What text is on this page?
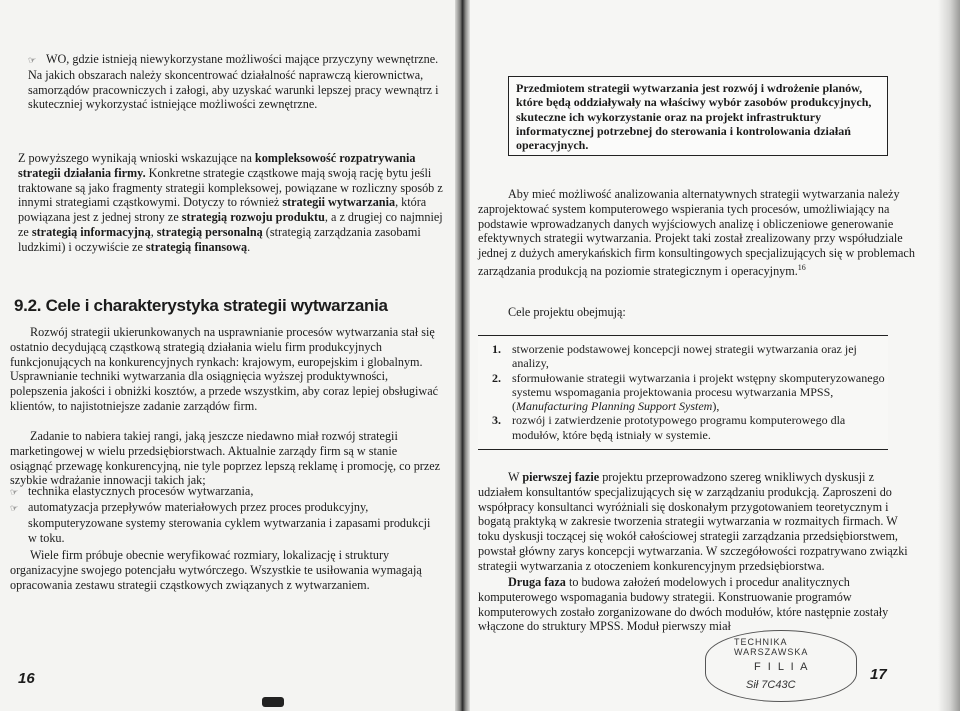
☞ WO, gdzie istnieją niewykorzystane możliwości mające przyczyny wewnętrzne. Na jakich obszarach należy skoncentrować działalność naprawczą kierownictwa, samorządów pracowniczych i załogi, aby uzyskać warunki lepszej pracy wewnątrz i skuteczniej wykorzystać istniejące możliwości zewnętrzne.

Z powyższego wynikają wnioski wskazujące na kompleksowość rozpatrywania strategii działania firmy. Konkretne strategie cząstkowe mają swoją rację bytu jeśli traktowane są jako fragmenty strategii kompleksowej, powiązane w rozliczny sposób z innymi strategiami cząstkowymi. Dotyczy to również strategii wytwarzania, która powiązana jest z jednej strony ze strategią rozwoju produktu, a z drugiej co najmniej ze strategią informacyjną, strategią personalną (strategią zarządzania zasobami ludzkimi) i oczywiście ze strategią finansową.

9.2. Cele i charakterystyka strategii wytwarzania

Rozwój strategii ukierunkowanych na usprawnianie procesów wytwarzania stał się ostatnio decydującą cząstkową strategią działania wielu firm produkcyjnych funkcjonujących na konkurencyjnych rynkach: krajowym, europejskim i globalnym. Usprawnianie techniki wytwarzania dla osiągnięcia wyższej produktywności, polepszenia jakości i obniżki kosztów, a przede wszystkim, aby coraz lepiej obsługiwać klientów, to najistotniejsze zadanie zarządów firm.

Zadanie to nabiera takiej rangi, jaką jeszcze niedawno miał rozwój strategii marketingowej w wielu przedsiębiorstwach. Aktualnie zarządy firm są w stanie osiągnąć przewagę konkurencyjną, nie tyle poprzez lepszą reklamę i promocję, co przez szybkie wdrażanie innowacji takich jak;

☞ technika elastycznych procesów wytwarzania,

☞ automatyzacja przepływów materiałowych przez proces produkcyjny,

skomputeryzowane systemy sterowania cyklem wytwarzania i zapasami produkcji w toku.

Wiele firm próbuje obecnie weryfikować rozmiary, lokalizację i struktury organizacyjne swojego potencjału wytwórczego. Wszystkie te usiłowania wymagają opracowania zestawu strategii cząstkowych związanych z wytwarzaniem.

16
Przedmiotem strategii wytwarzania jest rozwój i wdrożenie planów, które będą oddziaływały na właściwy wybór zasobów produkcyjnych, skuteczne ich wykorzystanie oraz na projekt infrastruktury informatycznej potrzebnej do sterowania i kontrolowania działań operacyjnych.

Aby mieć możliwość analizowania alternatywnych strategii wytwarzania należy zaprojektować system komputerowego wspierania tych procesów, umożliwiający na podstawie wprowadzanych danych wyjściowych analizę i obliczeniowe generowanie efektywnych strategii wytwarzania. Projekt taki został zrealizowany przy współudziale jednej z dużych amerykańskich firm konsultingowych specjalizujących się w problemach zarządzania produkcją na poziomie strategicznym i operacyjnym.$^{16}$

Cele projektu obejmują:

1. stworzenie podstawowej koncepcji nowej strategii wytwarzania oraz jej analizy,
2. sformułowanie strategii wytwarzania i projekt wstępny skomputeryzowanego systemu wspomagania projektowania procesu wytwarzania MPSS, (Manufacturing Planning Support System),
3. rozwój i zatwierdzenie prototypowego programu komputerowego dla modułów, które będą istniały w systemie.

W pierwszej fazie projektu przeprowadzono szereg wnikliwych dyskusji z udziałem konsultantów specjalizujących się w zarządzaniu produkcją. Zaproszeni do współpracy konsultanci wyróżniali się doskonałym przygotowaniem teoretycznym i bogatą praktyką w zakresie tworzenia strategii wytwarzania w rozmaitych firmach. W toku dyskusji toczącej się wokół całościowej strategii zarządzania przedsiębiorstwem, powstał główny zarys koncepcji wytwarzania. W szczegółowości rozpatrywano związki strategii wytwarzania z otoczeniem konkurencyjnym przedsiębiorstwa.

Druga faza to budowa założeń modelowych i procedur analitycznych komputerowego wspomagania budowy strategii. Konstruowanie programów komputerowych zostało zorganizowane do dwóch modułów, które następnie zostały włączone do struktury MPSS. Moduł pierwszy miał

17
TECHNIKA WARSZAWSKA
F I L I A
Sił 7C43C
